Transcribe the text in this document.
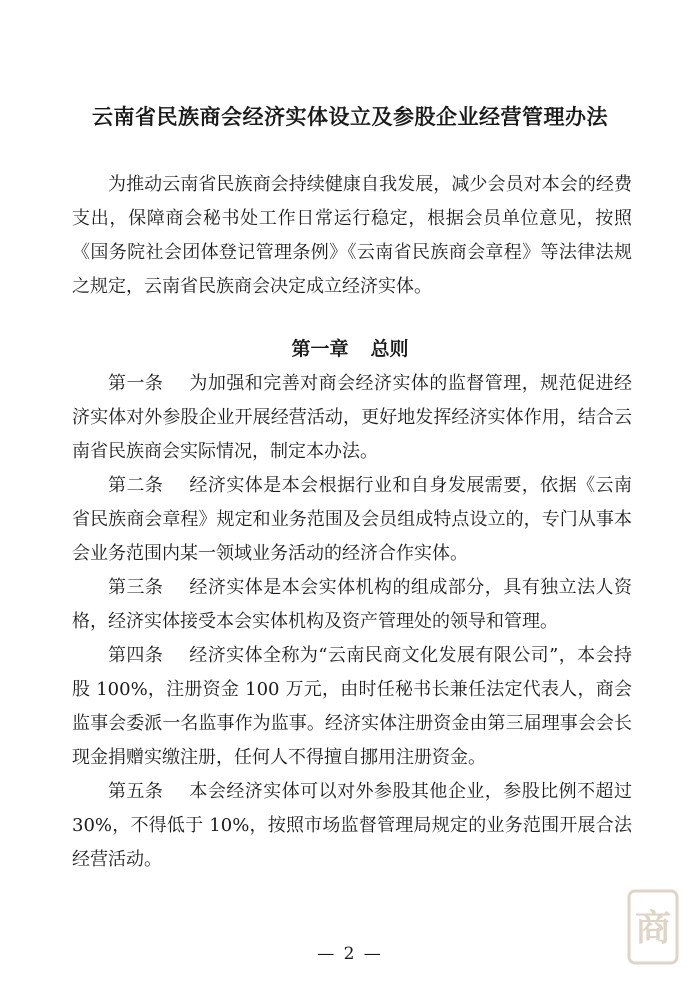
云南省民族商会经济实体设立及参股企业经营管理办法

为推动云南省民族商会持续健康自我发展，减少会员对本会的经费支出，保障商会秘书处工作日常运行稳定，根据会员单位意见，按照《国务院社会团体登记管理条例》《云南省民族商会章程》等法律法规之规定，云南省民族商会决定成立经济实体。

第一章 总则

第一条 为加强和完善对商会经济实体的监督管理，规范促进经济实体对外参股企业开展经营活动，更好地发挥经济实体作用，结合云南省民族商会实际情况，制定本办法。

第二条 经济实体是本会根据行业和自身发展需要，依据《云南省民族商会章程》规定和业务范围及会员组成特点设立的，专门从事本会业务范围内某一领域业务活动的经济合作实体。

第三条 经济实体是本会实体机构的组成部分，具有独立法人资格，经济实体接受本会实体机构及资产管理处的领导和管理。

第四条 经济实体全称为“云南民商文化发展有限公司”，本会持股 100%，注册资金 100 万元，由时任秘书长兼任法定代表人，商会监事会委派一名监事作为监事。经济实体注册资金由第三届理事会会长现金捐赠实缴注册，任何人不得擅自挪用注册资金。

第五条 本会经济实体可以对外参股其他企业，参股比例不超过 30%，不得低于 10%，按照市场监督管理局规定的业务范围开展合法经营活动。

— 2 —
商
